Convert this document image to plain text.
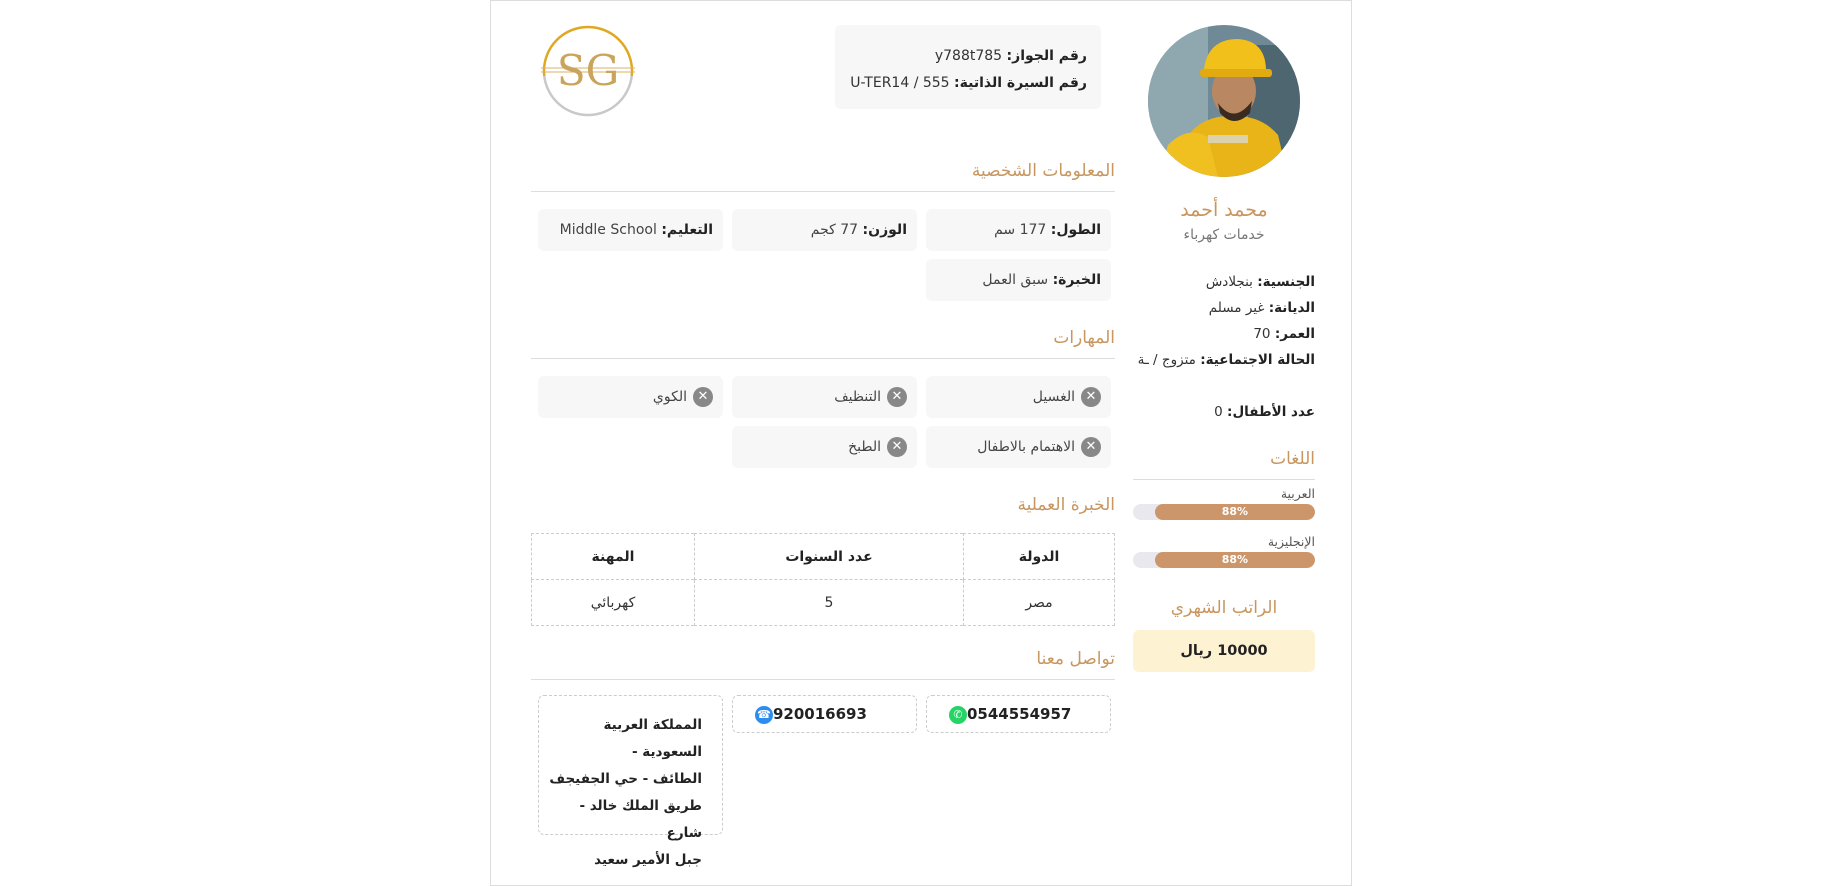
SG	رقم الجواز: y788t785
رقم السيرة الذاتية: U-TER14 / 555
محمد أحمد
خدمات كهرباء
الجنسية: بنجلادش
الديانة: غير مسلم
العمر: 70
الحالة الاجتماعية: متزوج / ـة
عدد الأطفال: 0
اللغات
العربية
88%
الإنجليزية
88%
الراتب الشهري
10000 ريال
المعلومات الشخصية
الطول: 177 سم
الوزن: 77 كجم
التعليم: Middle School
الخبرة: سبق العمل
المهارات
✕الغسيل
✕التنظيف
✕الكوي
✕الاهتمام بالاطفال
✕الطبخ
الخبرة العملية
الدولة	عدد السنوات	المهنة
مصر	5	كهربائي
تواصل معنا
✆ 0544554957
☎ 920016693
المملكة العربية السعودية -
الطائف - حي الجفيجف
طريق الملك خالد - شارع
جبل الأمير سعيد
